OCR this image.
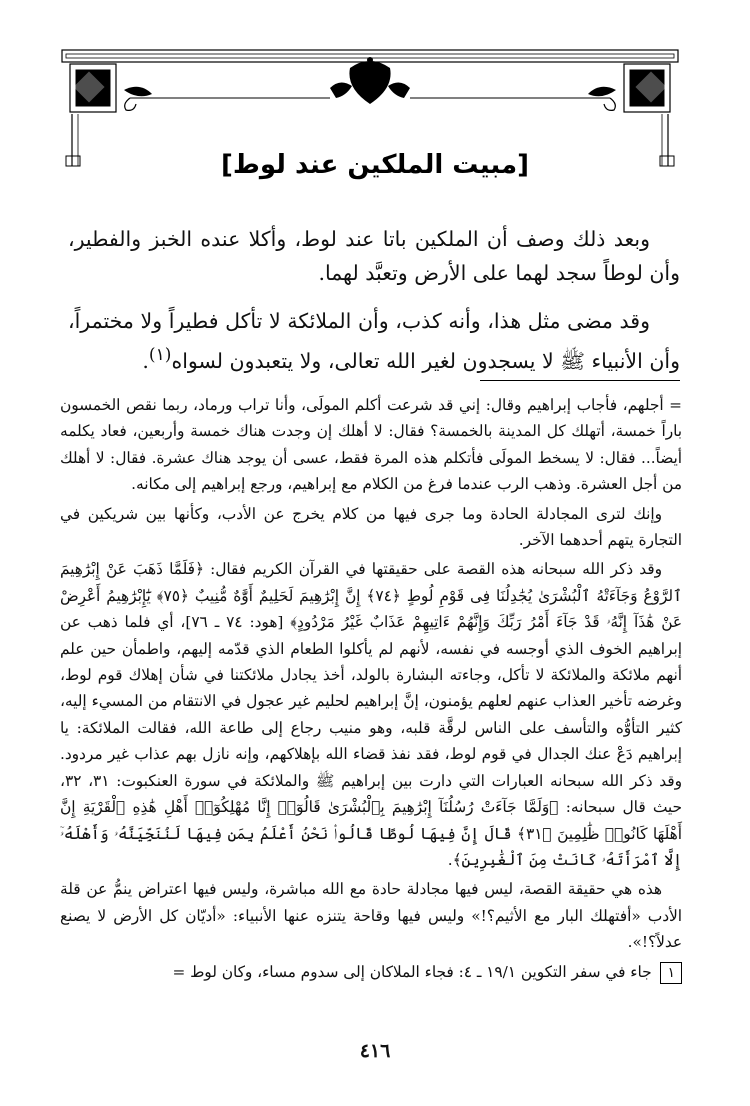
[مبيت الملكين عند لوط]

وبعد ذلك وصف أن الملكين باتا عند لوط، وأكلا عنده الخبز والفطير، وأن لوطاً سجد لهما على الأرض وتعبَّد لهما.

وقد مضى مثل هذا، وأنه كذب، وأن الملائكة لا تأكل فطيراً ولا مختمراً، وأن الأنبياء ﷺ لا يسجدون لغير الله تعالى، ولا يتعبدون لسواه$^{(١)}$.

= أجلهم، فأجاب إبراهيم وقال: إني قد شرعت أكلم المولَى، وأنا تراب ورماد، ربما نقص الخمسون باراً خمسة، أتهلك كل المدينة بالخمسة؟ فقال: لا أهلك إن وجدت هناك خمسة وأربعين، فعاد يكلمه أيضاً... فقال: لا يسخط المولَى فأتكلم هذه المرة فقط، عسى أن يوجد هناك عشرة. فقال: لا أهلك من أجل العشرة. وذهب الرب عندما فرغ من الكلام مع إبراهيم، ورجع إبراهيم إلى مكانه.

وإنك لترى المجادلة الحادة وما جرى فيها من كلام يخرج عن الأدب، وكأنها بين شريكين في التجارة يتهم أحدهما الآخر.

وقد ذكر الله سبحانه هذه القصة على حقيقتها في القرآن الكريم فقال: ﴿فَلَمَّا ذَهَبَ عَنْ إِبْرَٰهِيمَ ٱلرَّوْعُ وَجَآءَتْهُ ٱلْبُشْرَىٰ يُجَٰدِلُنَا فِى قَوْمِ لُوطٍ ﴿٧٤﴾ إِنَّ إِبْرَٰهِيمَ لَحَلِيمٌ أَوَّٰهٌ مُّنِيبٌ ﴿٧٥﴾ يَٰٓإِبْرَٰهِيمُ أَعْرِضْ عَنْ هَٰذَآ إِنَّهُۥ قَدْ جَآءَ أَمْرُ رَبِّكَ وَإِنَّهُمْ ءَاتِيهِمْ عَذَابٌ غَيْرُ مَرْدُودٍ﴾ [هود: ٧٤ ـ ٧٦]، أي فلما ذهب عن إبراهيم الخوف الذي أوجسه في نفسه، لأنهم لم يأكلوا الطعام الذي قدّمه إليهم، واطمأن حين علم أنهم ملائكة والملائكة لا تأكل، وجاءته البشارة بالولد، أخذ يجادل ملائكتنا في شأن إهلاك قوم لوط، وغرضه تأخير العذاب عنهم لعلهم يؤمنون، إنَّ إبراهيم لحليم غير عجول في الانتقام من المسيء إليه، كثير التأوُّه والتأسف على الناس لرقَّة قلبه، وهو منيب رجاع إلى طاعة الله، فقالت الملائكة: يا إبراهيم دَعْ عنك الجدال في قوم لوط، فقد نفذ قضاء الله بإهلاكهم، وإنه نازل بهم عذاب غير مردود. وقد ذكر الله سبحانه العبارات التي دارت بين إبراهيم ﷺ والملائكة في سورة العنكبوت: ٣١، ٣٢، حيث قال سبحانه: ﴿وَلَمَّا جَآءَتْ رُسُلُنَآ إِبْرَٰهِيمَ بِٱلْبُشْرَىٰ قَالُوٓا۟ إِنَّا مُهْلِكُوٓا۟ أَهْلِ هَٰذِهِ ٱلْقَرْيَةِ إِنَّ أَهْلَهَا كَانُوا۟ ظَٰلِمِينَ ﴿٣١﴾ قَالَ إِنَّ فِيهَا لُوطًا قَالُوا۟ نَحْنُ أَعْلَمُ بِمَن فِيهَا لَنُنَجِّيَنَّهُۥ وَأَهْلَهُۥٓ إِلَّا ٱمْرَأَتَهُۥ كَانَتْ مِنَ ٱلْغَٰبِرِينَ﴾.

هذه هي حقيقة القصة، ليس فيها مجادلة حادة مع الله مباشرة، وليس فيها اعتراض ينمُّ عن قلة الأدب «أفتهلك البار مع الأثيم؟!» وليس فيها وقاحة يتنزه عنها الأنبياء: «أديّان كل الأرض لا يصنع عدلاً؟!».

١ جاء في سفر التكوين ١٩/١ ـ ٤: فجاء الملاكان إلى سدوم مساء، وكان لوط =

٤١٦
